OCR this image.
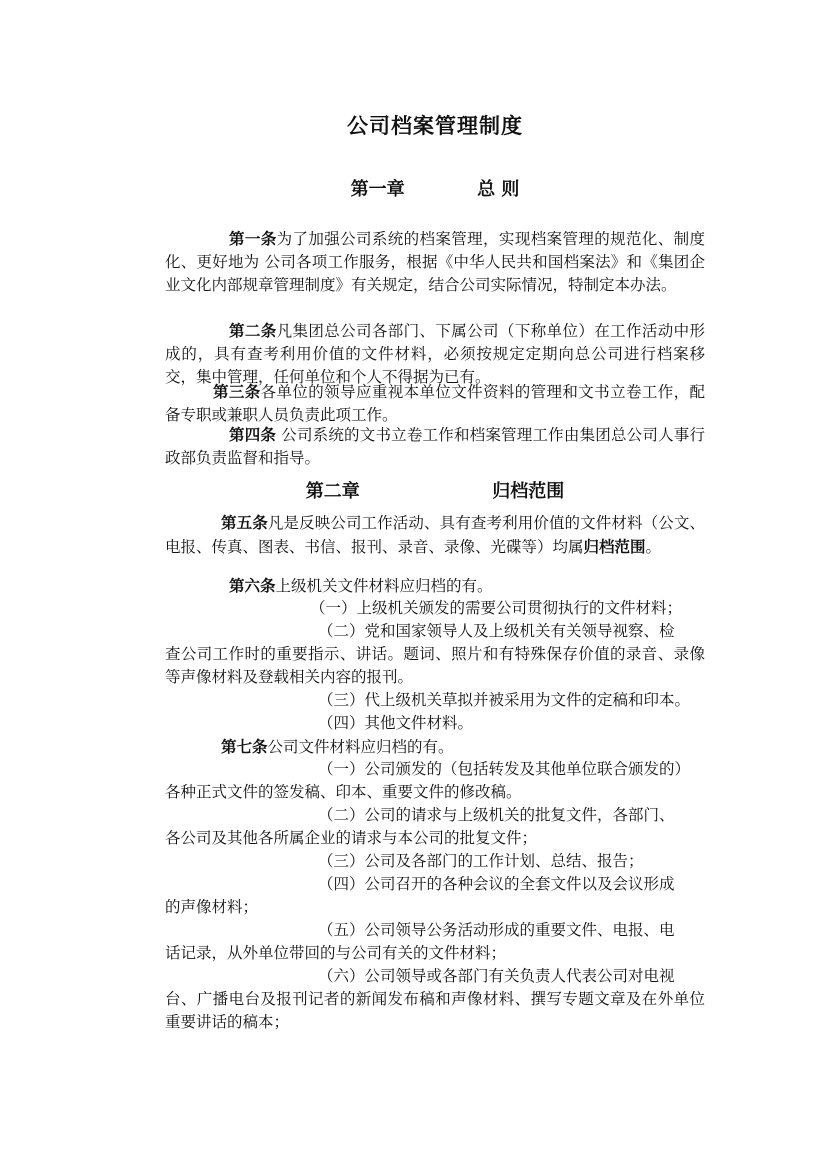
公司档案管理制度
第一章	总 则
第一条为了加强公司系统的档案管理，实现档案管理的规范化、制度化、更好地为 公司各项工作服务，根据《中华人民共和国档案法》和《集团企业文化内部规章管理制度》有关规定，结合公司实际情况，特制定本办法。
第二条凡集团总公司各部门、下属公司（下称单位）在工作活动中形成的，具有查考利用价值的文件材料，必须按规定定期向总公司进行档案移交，集中管理，任何单位和个人不得据为已有。
第三条各单位的领导应重视本单位文件资料的管理和文书立卷工作，配备专职或兼职人员负责此项工作。
第四条 公司系统的文书立卷工作和档案管理工作由集团总公司人事行政部负责监督和指导。
第二章	归档范围
第五条凡是反映公司工作活动、具有查考利用价值的文件材料（公文、电报、传真、图表、书信、报刊、录音、录像、光碟等）均属归档范围。
第六条上级机关文件材料应归档的有。
（一）上级机关颁发的需要公司贯彻执行的文件材料；
（二）党和国家领导人及上级机关有关领导视察、检
查公司工作时的重要指示、讲话。题词、照片和有特殊保存价值的录音、录像等声像材料及登载相关内容的报刊。
（三）代上级机关草拟并被采用为文件的定稿和印本。
（四）其他文件材料。
第七条公司文件材料应归档的有。
（一）公司颁发的（包括转发及其他单位联合颁发的）
各种正式文件的签发稿、印本、重要文件的修改稿。
（二）公司的请求与上级机关的批复文件，各部门、
各公司及其他各所属企业的请求与本公司的批复文件；
（三）公司及各部门的工作计划、总结、报告；
（四）公司召开的各种会议的全套文件以及会议形成
的声像材料；
（五）公司领导公务活动形成的重要文件、电报、电
话记录，从外单位带回的与公司有关的文件材料；
（六）公司领导或各部门有关负责人代表公司对电视
台、广播电台及报刊记者的新闻发布稿和声像材料、撰写专题文章及在外单位重要讲话的稿本；
